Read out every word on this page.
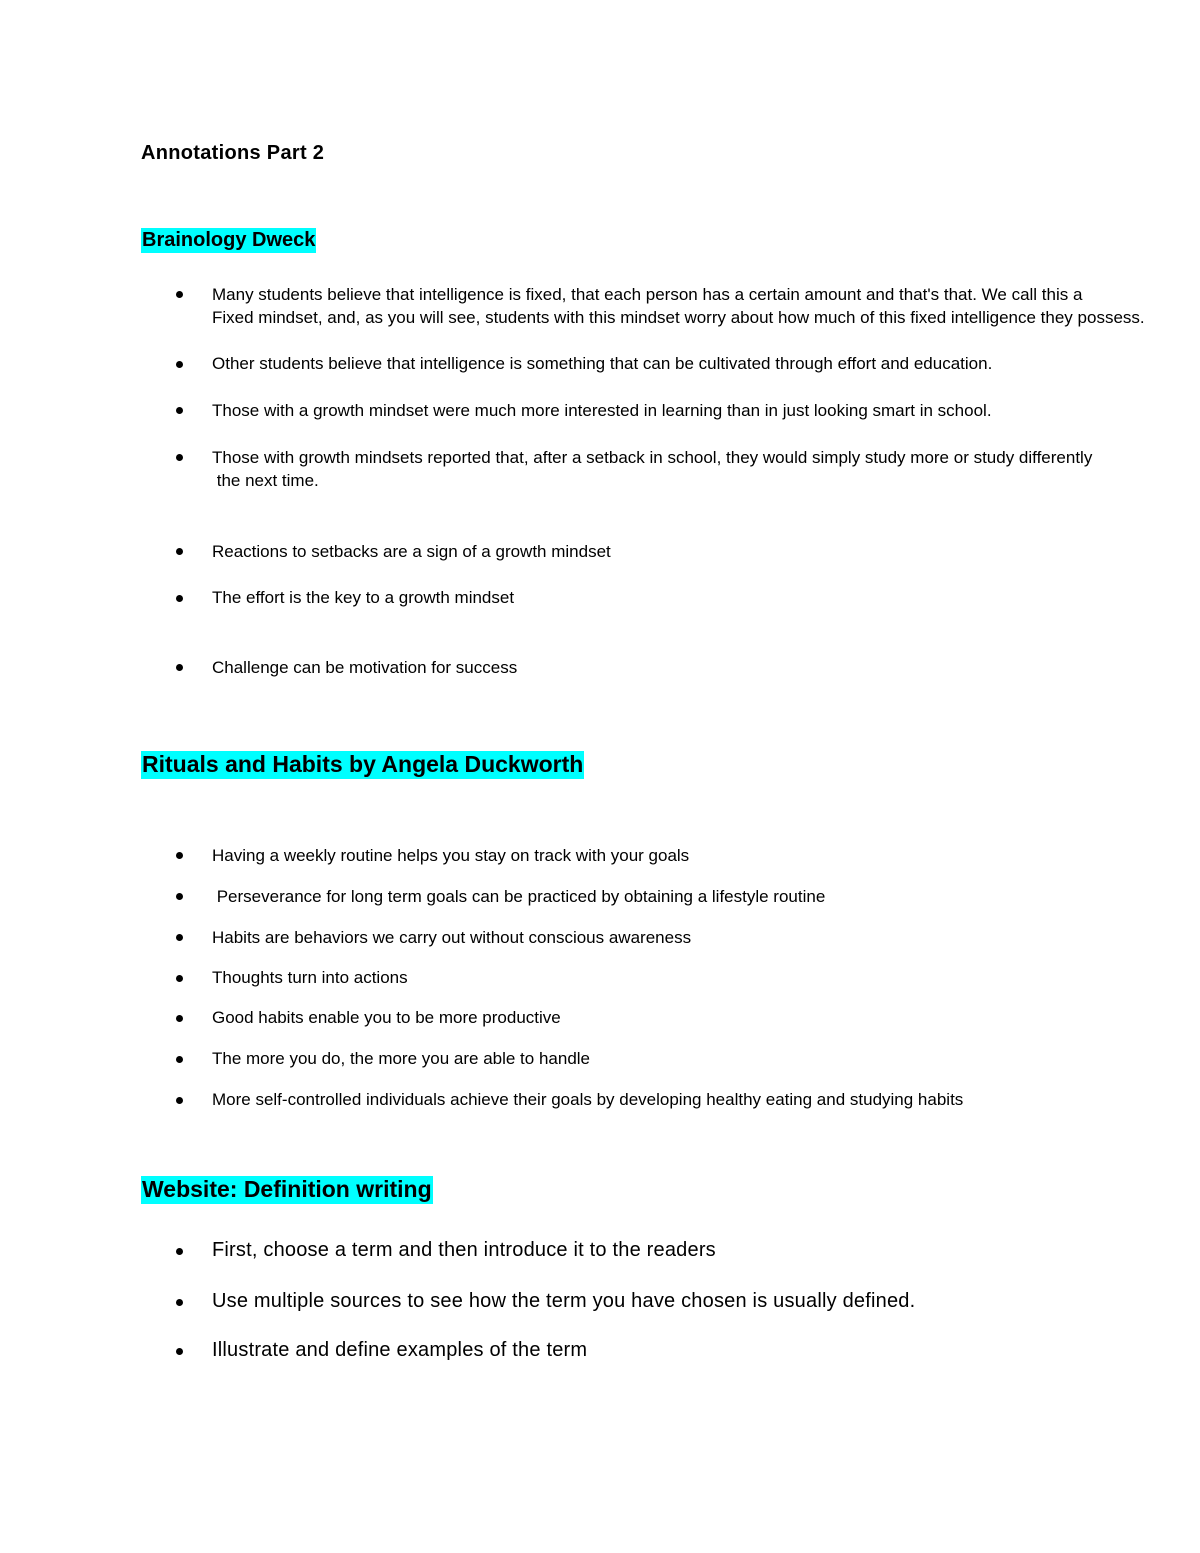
Annotations Part 2
Brainology Dweck
Many students believe that intelligence is fixed, that each person has a certain amount and that's that. We call this a
Fixed mindset, and, as you will see, students with this mindset worry about how much of this fixed intelligence they possess.
Other students believe that intelligence is something that can be cultivated through effort and education.
Those with a growth mindset were much more interested in learning than in just looking smart in school.
Those with growth mindsets reported that, after a setback in school, they would simply study more or study differently
the next time.
Reactions to setbacks are a sign of a growth mindset
The effort is the key to a growth mindset
Challenge can be motivation for success
Rituals and Habits by Angela Duckworth
Having a weekly routine helps you stay on track with your goals
Perseverance for long term goals can be practiced by obtaining a lifestyle routine
Habits are behaviors we carry out without conscious awareness
Thoughts turn into actions
Good habits enable you to be more productive
The more you do, the more you are able to handle
More self-controlled individuals achieve their goals by developing healthy eating and studying habits
Website: Definition writing
First, choose a term and then introduce it to the readers
Use multiple sources to see how the term you have chosen is usually defined.
Illustrate and define examples of the term
